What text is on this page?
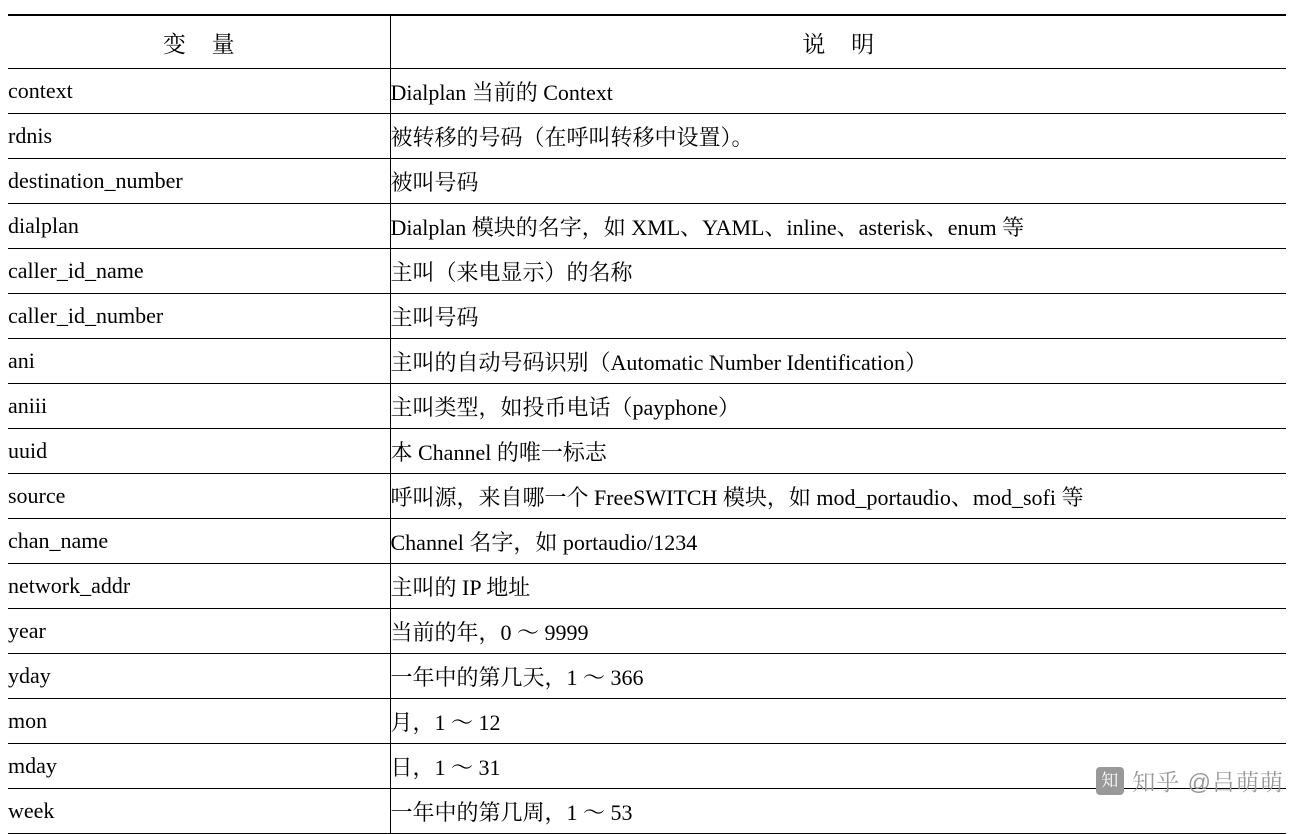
变 量	说 明
context	Dialplan 当前的 Context
rdnis	被转移的号码（在呼叫转移中设置）。
destination_number	被叫号码
dialplan	Dialplan 模块的名字，如 XML、YAML、inline、asterisk、enum 等
caller_id_name	主叫（来电显示）的名称
caller_id_number	主叫号码
ani	主叫的自动号码识别（Automatic Number Identification）
aniii	主叫类型，如投币电话（payphone）
uuid	本 Channel 的唯一标志
source	呼叫源，来自哪一个 FreeSWITCH 模块，如 mod_portaudio、mod_sofi 等
chan_name	Channel 名字，如 portaudio/1234
network_addr	主叫的 IP 地址
year	当前的年，0 ～ 9999
yday	一年中的第几天，1 ～ 366
mon	月，1 ～ 12
mday	日，1 ～ 31
week	一年中的第几周，1 ～ 53
知 知乎 @吕萌萌
